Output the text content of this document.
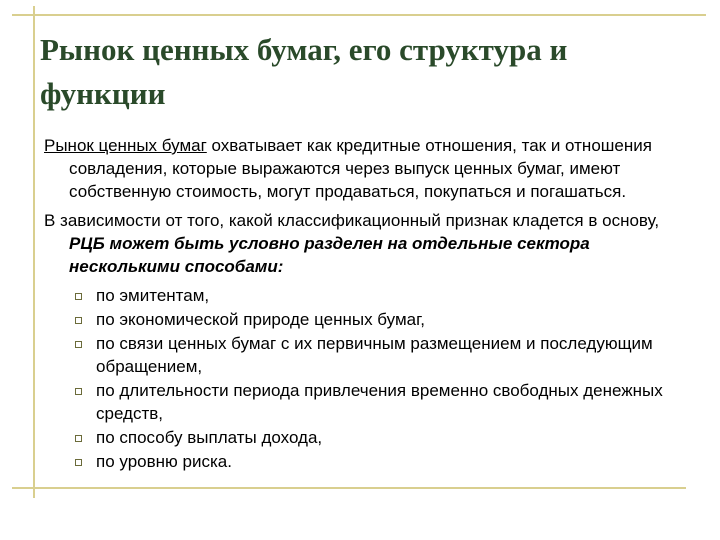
Рынок ценных бумаг, его структура и функции

Рынок ценных бумаг охватывает как кредитные отношения, так и отношения совладения, которые выражаются через выпуск ценных бумаг, имеют собственную стоимость, могут продаваться, покупаться и погашаться.

В зависимости от того, какой классификационный признак кладется в основу, РЦБ может быть условно разделен на отдельные сектора несколькими способами:

по эмитентам,
по экономической природе ценных бумаг,
по связи ценных бумаг с их первичным размещением и последующим обращением,
по длительности периода привлечения временно свободных денежных средств,
по способу выплаты дохода,
по уровню риска.
